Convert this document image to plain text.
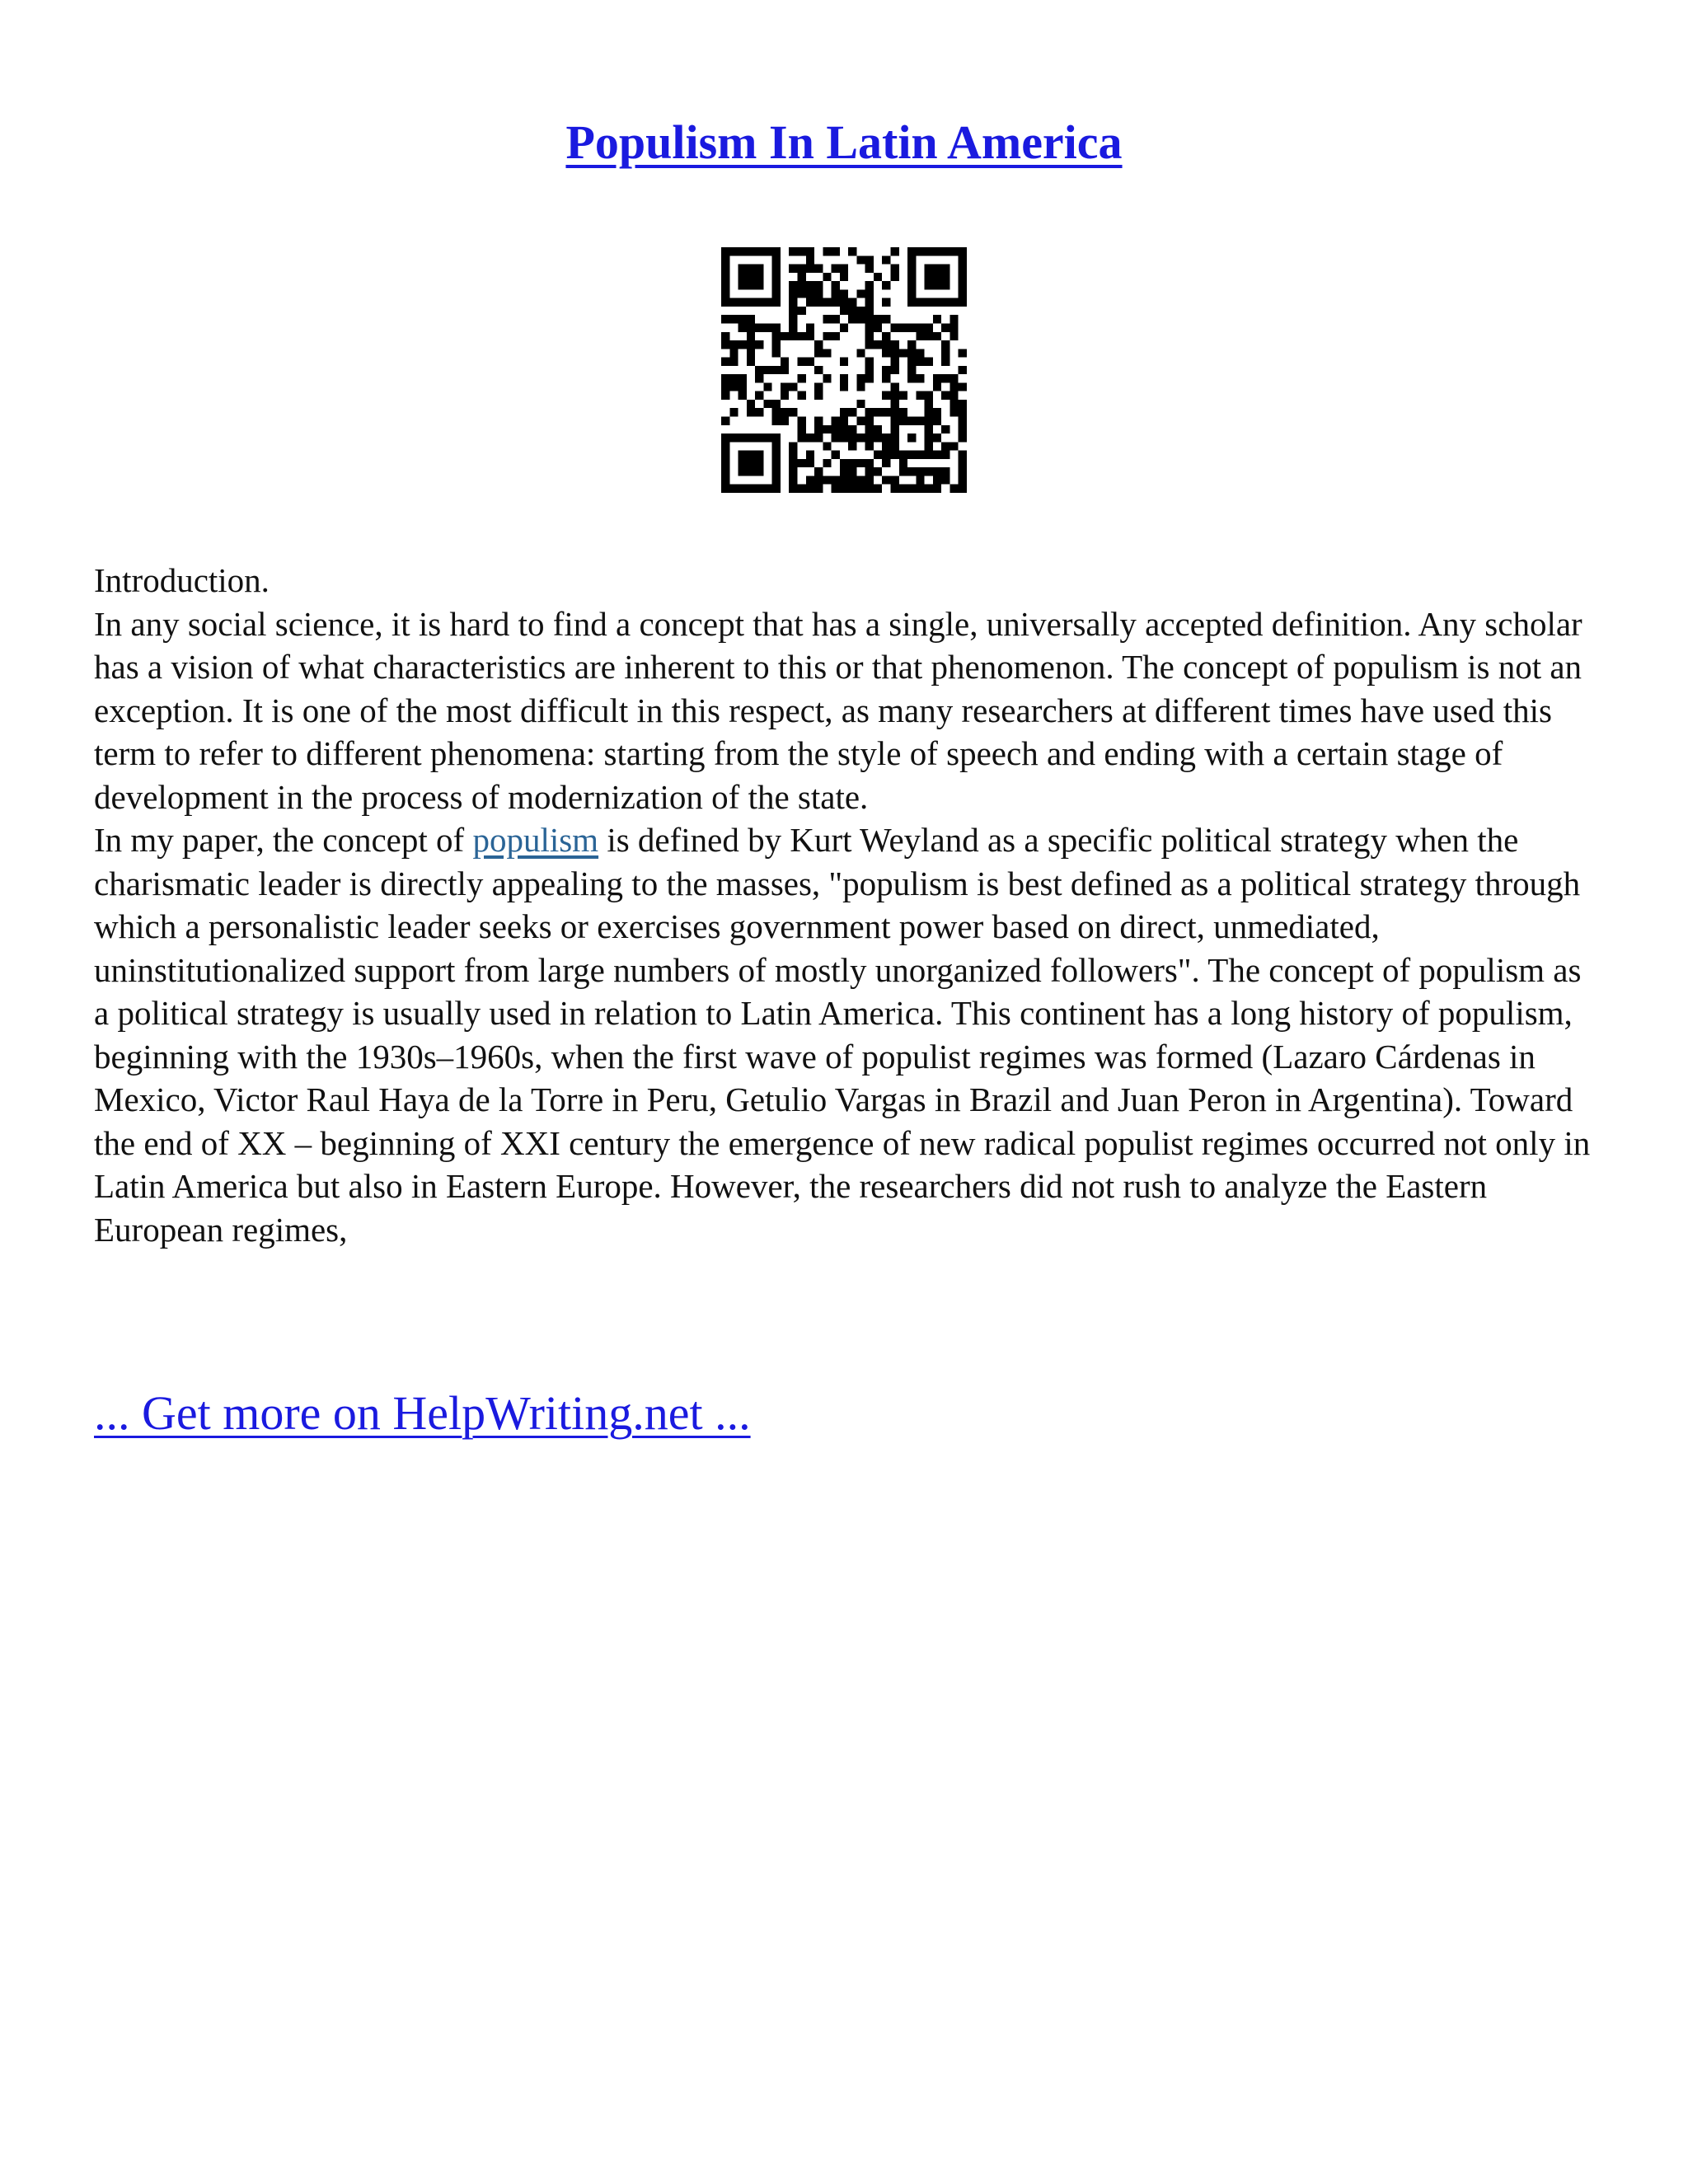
Populism In Latin America

Introduction.

In any social science, it is hard to find a concept that has a single, universally accepted definition. Any scholar has a vision of what characteristics are inherent to this or that phenomenon. The concept of populism is not an exception. It is one of the most difficult in this respect, as many researchers at different times have used this term to refer to different phenomena: starting from the style of speech and ending with a certain stage of development in the process of modernization of the state.

In my paper, the concept of populism is defined by Kurt Weyland as a specific political strategy when the charismatic leader is directly appealing to the masses, "populism is best defined as a political strategy through which a personalistic leader seeks or exercises government power based on direct, unmediated, uninstitutionalized support from large numbers of mostly unorganized followers". The concept of populism as a political strategy is usually used in relation to Latin America. This continent has a long history of populism, beginning with the 1930s–1960s, when the first wave of populist regimes was formed (Lazaro Cárdenas in Mexico, Victor Raul Haya de la Torre in Peru, Getulio Vargas in Brazil and Juan Peron in Argentina). Toward the end of XX – beginning of XXI century the emergence of new radical populist regimes occurred not only in Latin America but also in Eastern Europe. However, the researchers did not rush to analyze the Eastern European regimes,

... Get more on HelpWriting.net ...
